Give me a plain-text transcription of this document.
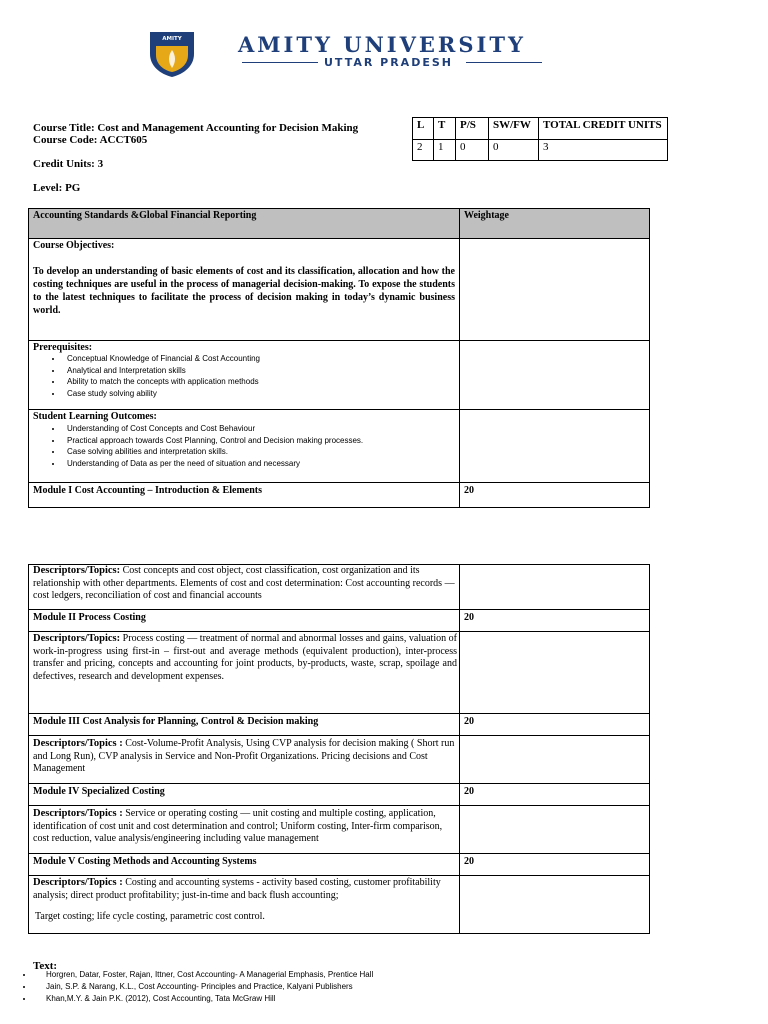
AMITY	AMITY UNIVERSITY
UTTAR PRADESH
Course Title: Cost and Management Accounting for Decision Making
Course Code: ACCT605
Credit Units: 3
Level: PG
L	T	P/S	SW/FW	TOTAL CREDIT UNITS
2	1	0	0	3
Accounting Standards &Global Financial Reporting	Weightage
Course Objectives:
To develop an understanding of basic elements of cost and its classification, allocation and how the costing techniques are useful in the process of managerial decision-making. To expose the students to the latest techniques to facilitate the process of decision making in today’s dynamic business world.
Prerequisites:
• Conceptual Knowledge of Financial & Cost Accounting
• Analytical and Interpretation skills
• Ability to match the concepts with application methods
• Case study solving ability
Student Learning Outcomes:
• Understanding of Cost Concepts and Cost Behaviour
• Practical approach towards Cost Planning, Control and Decision making processes.
• Case solving abilities and interpretation skills.
• Understanding of Data as per the need of situation and necessary
Module I Cost Accounting – Introduction & Elements	20
Descriptors/Topics: Cost concepts and cost object, cost classification, cost organization and its relationship with other departments. Elements of cost and cost determination: Cost accounting records — cost ledgers, reconciliation of cost and financial accounts
Module II Process Costing	20
Descriptors/Topics: Process costing — treatment of normal and abnormal losses and gains, valuation of work-in-progress using first-in – first-out and average methods (equivalent production), inter-process transfer and pricing, concepts and accounting for joint products, by-products, waste, scrap, spoilage and defectives, research and development expenses.
Module III Cost Analysis for Planning, Control & Decision making	20
Descriptors/Topics : Cost-Volume-Profit Analysis, Using CVP analysis for decision making ( Short run and Long Run), CVP analysis in Service and Non-Profit Organizations. Pricing decisions and Cost Management
Module IV Specialized Costing	20
Descriptors/Topics : Service or operating costing — unit costing and multiple costing, application, identification of cost unit and cost determination and control; Uniform costing, Inter-firm comparison, cost reduction, value analysis/engineering including value management
Module V Costing Methods and Accounting Systems	20
Descriptors/Topics : Costing and accounting systems - activity based costing, customer profitability analysis; direct product profitability; just-in-time and back flush accounting;
Target costing; life cycle costing, parametric cost control.
Text:
• Horgren, Datar, Foster, Rajan, Ittner, Cost Accounting- A Managerial Emphasis, Prentice Hall
• Jain, S.P. & Narang, K.L., Cost Accounting- Principles and Practice, Kalyani Publishers
• Khan,M.Y. & Jain P.K. (2012), Cost Accounting, Tata McGraw Hill
